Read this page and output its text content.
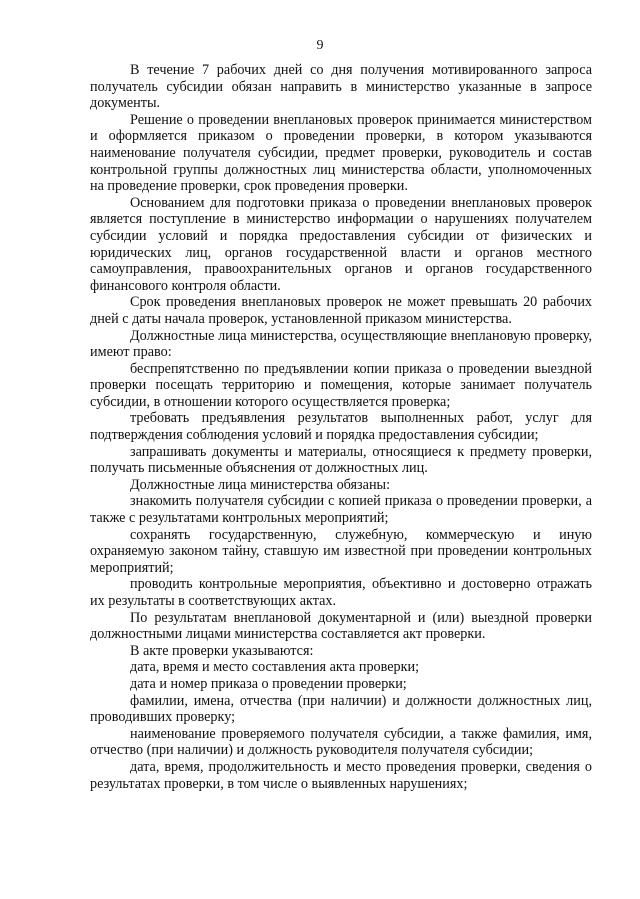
9

В течение 7 рабочих дней со дня получения мотивированного запроса получатель субсидии обязан направить в министерство указанные в запросе документы.

Решение о проведении внеплановых проверок принимается министерством и оформляется приказом о проведении проверки, в котором указываются наименование получателя субсидии, предмет проверки, руководитель и состав контрольной группы должностных лиц министерства области, уполномоченных на проведение проверки, срок проведения проверки.

Основанием для подготовки приказа о проведении внеплановых проверок является поступление в министерство информации о нарушениях получателем субсидии условий и порядка предоставления субсидии от физических и юридических лиц, органов государственной власти и органов местного самоуправления, правоохранительных органов и органов государственного финансового контроля области.

Срок проведения внеплановых проверок не может превышать 20 рабочих дней с даты начала проверок, установленной приказом министерства.

Должностные лица министерства, осуществляющие внеплановую проверку, имеют право:

беспрепятственно по предъявлении копии приказа о проведении выездной проверки посещать территорию и помещения, которые занимает получатель субсидии, в отношении которого осуществляется проверка;

требовать предъявления результатов выполненных работ, услуг для подтверждения соблюдения условий и порядка предоставления субсидии;

запрашивать документы и материалы, относящиеся к предмету проверки, получать письменные объяснения от должностных лиц.

Должностные лица министерства обязаны:

знакомить получателя субсидии с копией приказа о проведении проверки, а также с результатами контрольных мероприятий;

сохранять государственную, служебную, коммерческую и иную охраняемую законом тайну, ставшую им известной при проведении контрольных мероприятий;

проводить контрольные мероприятия, объективно и достоверно отражать их результаты в соответствующих актах.

По результатам внеплановой документарной и (или) выездной проверки должностными лицами министерства составляется акт проверки.

В акте проверки указываются:

дата, время и место составления акта проверки;

дата и номер приказа о проведении проверки;

фамилии, имена, отчества (при наличии) и должности должностных лиц, проводивших проверку;

наименование проверяемого получателя субсидии, а также фамилия, имя, отчество (при наличии) и должность руководителя получателя субсидии;

дата, время, продолжительность и место проведения проверки, сведения о результатах проверки, в том числе о выявленных нарушениях;
